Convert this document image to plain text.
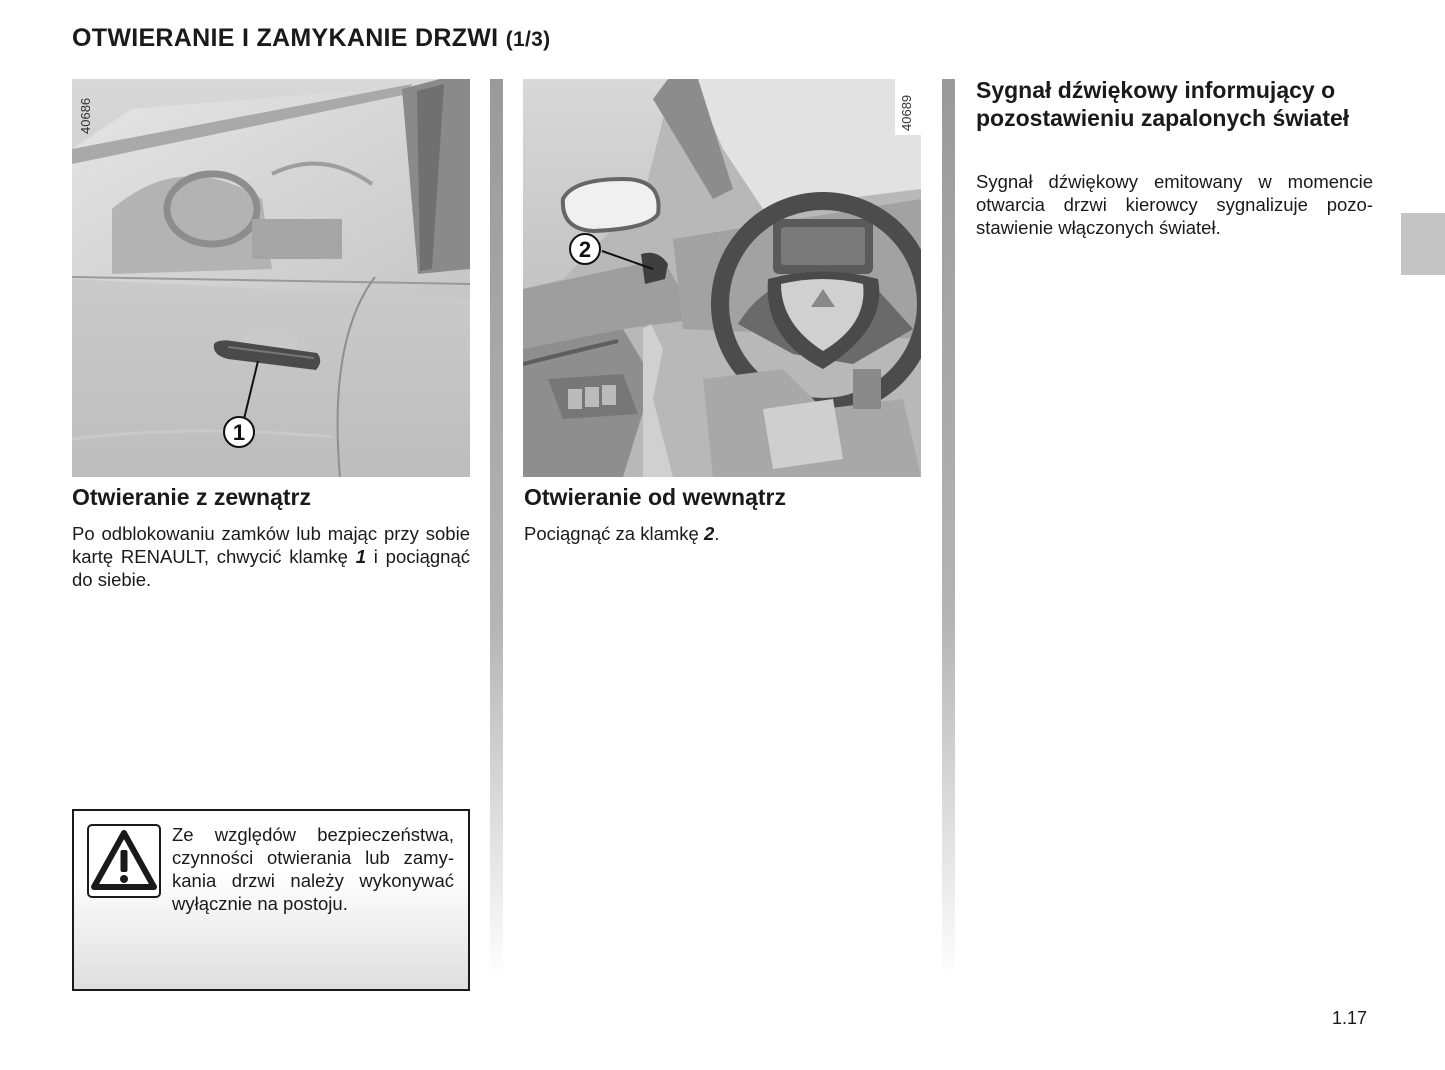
OTWIERANIE I ZAMYKANIE DRZWI (1/3)
1
40686
2
40689
Otwieranie z zewnątrz

Po odblokowaniu zamków lub mając przy sobie kartę RENAULT, chwycić klamkę 1 i pociągnąć do siebie.

Ze względów bezpieczeństwa, czynności otwierania lub zamykania drzwi należy wykonywać wyłącznie na postoju.

Otwieranie od wewnątrz

Pociągnąć za klamkę 2.

Sygnał dźwiękowy informujący o pozostawieniu zapalonych świateł

Sygnał dźwiękowy emitowany w momencie otwarcia drzwi kierowcy sygnalizuje pozostawienie włączonych świateł.

1.17
